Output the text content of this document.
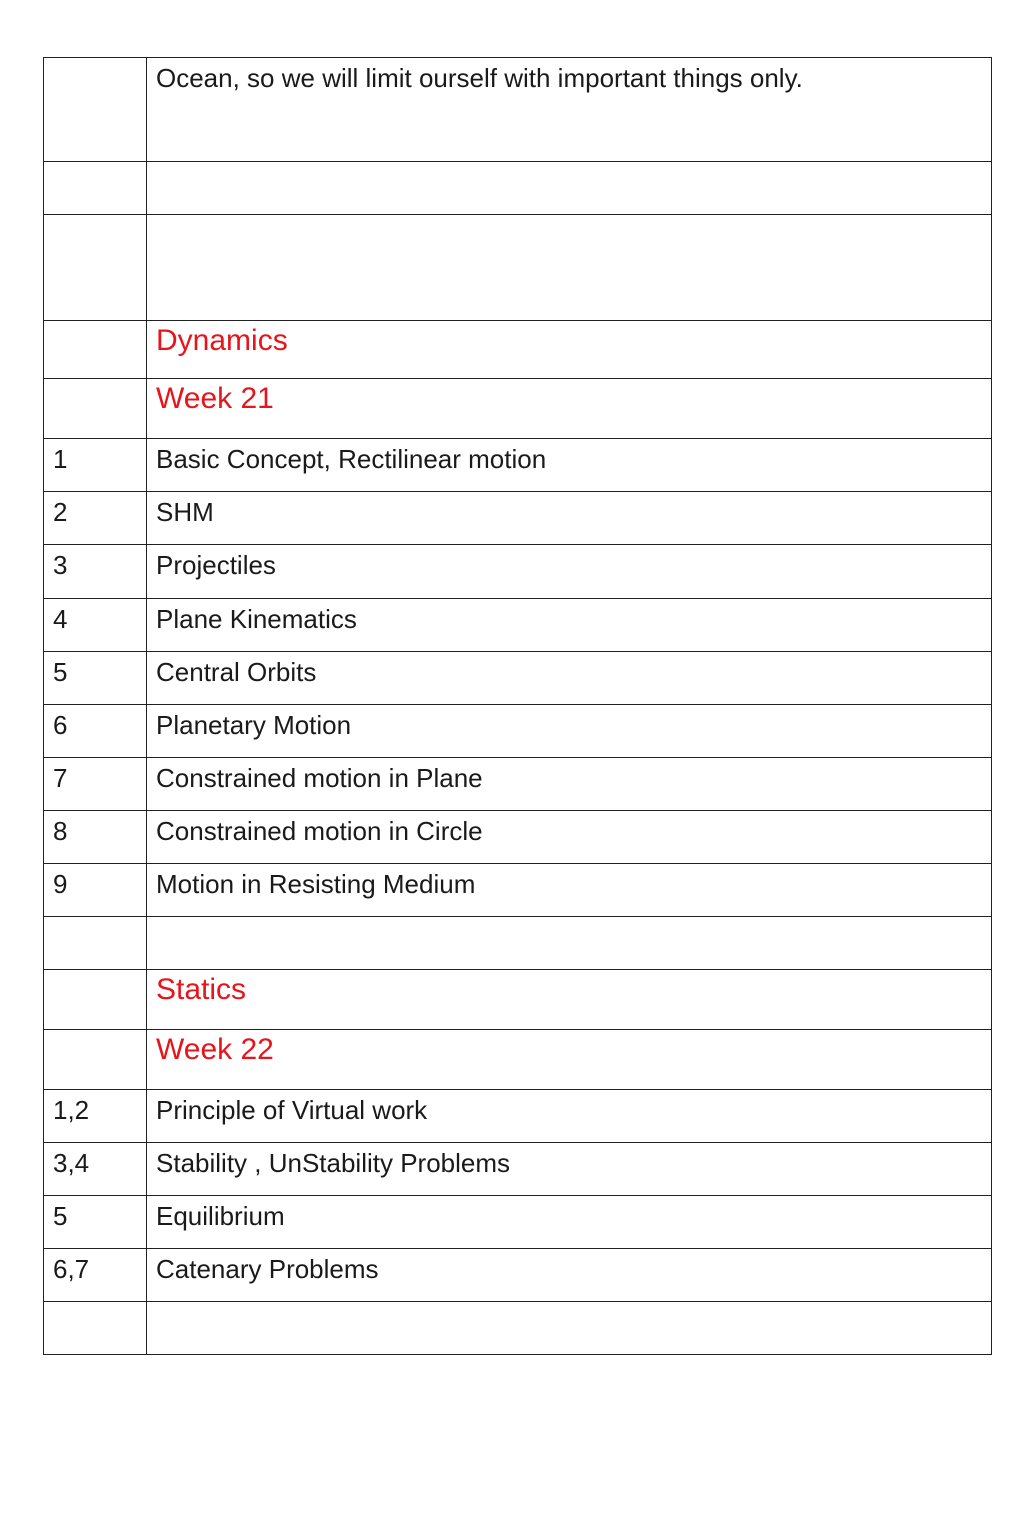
	Ocean, so we will limit ourself with important things only.

	Dynamics
	Week 21
1	Basic Concept, Rectilinear motion
2	SHM
3	Projectiles
4	Plane Kinematics
5	Central Orbits
6	Planetary Motion
7	Constrained motion in Plane
8	Constrained motion in Circle
9	Motion in Resisting Medium

	Statics
	Week 22
1,2	Principle of Virtual work
3,4	Stability , UnStability Problems
5	Equilibrium
6,7	Catenary Problems
